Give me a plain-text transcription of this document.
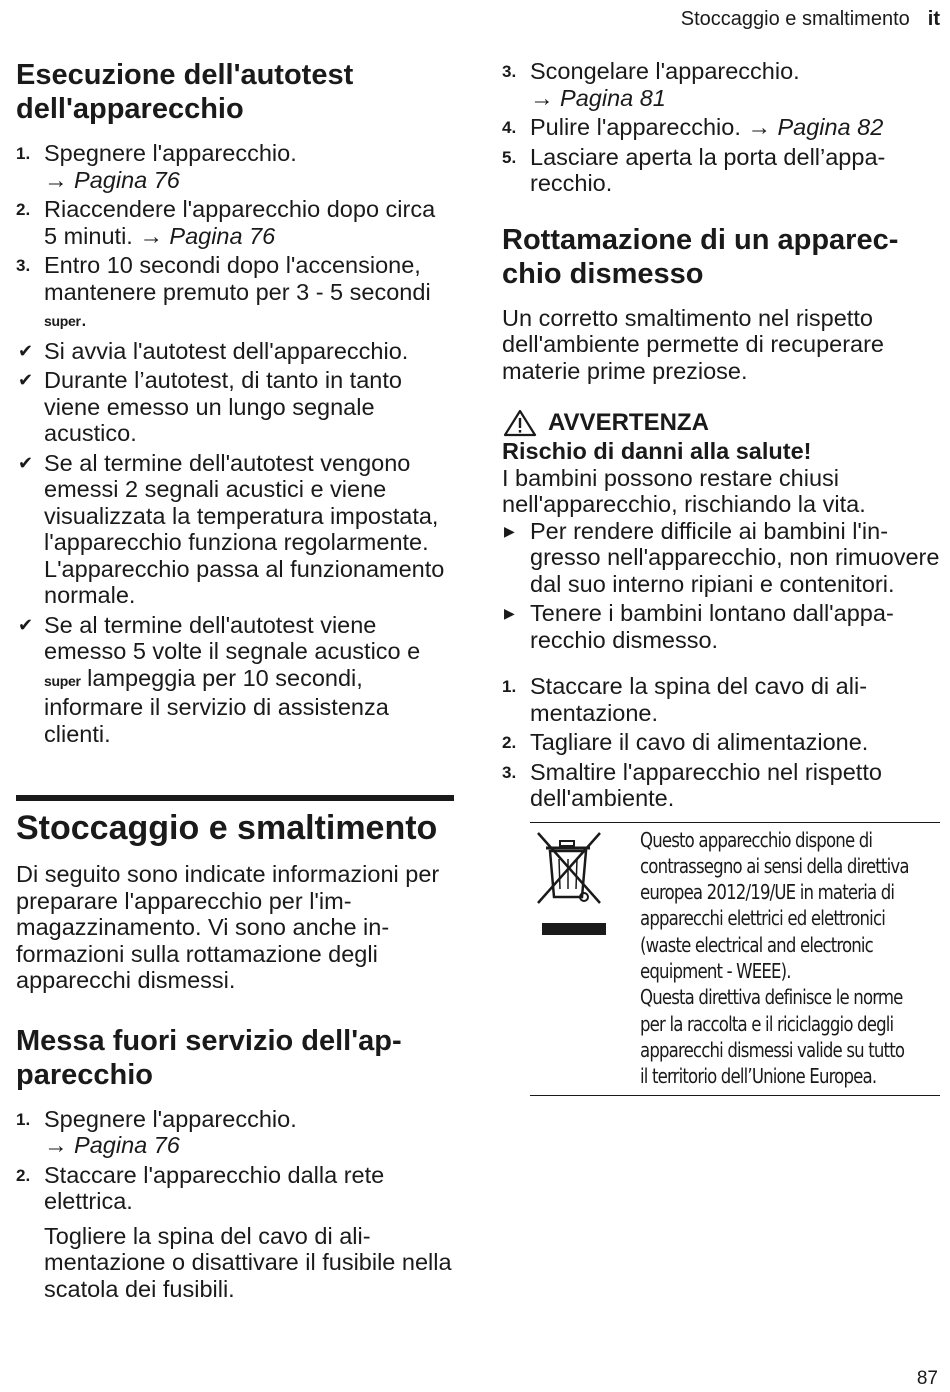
Stoccaggio e smaltimento it
Esecuzione dell'autotest dell'apparecchio
1. Spegnere l'apparecchio.
→ Pagina 76
2. Riaccendere l'apparecchio dopo circa 5 minuti. → Pagina 76
3. Entro 10 secondi dopo l'accensione, mantenere premuto per 3 - 5 secondi super.
✔ Si avvia l'autotest dell'apparecchio.
✔ Durante l’autotest, di tanto in tanto viene emesso un lungo segnale acustico.
✔ Se al termine dell'autotest vengono emessi 2 segnali acustici e viene visualizzata la temperatura impostata, l'apparecchio funziona regolarmente. L'apparecchio passa al funzionamento normale.
✔ Se al termine dell'autotest viene emesso 5 volte il segnale acustico e super lampeggia per 10 secondi, informare il servizio di assistenza clienti.
Stoccaggio e smaltimento

Di seguito sono indicate informazioni per preparare l'apparecchio per l'immagazzinamento. Vi sono anche informazioni sulla rottamazione degli apparecchi dismessi.

Messa fuori servizio dell'apparecchio
1. Spegnere l'apparecchio.
→ Pagina 76
2. Staccare l'apparecchio dalla rete elettrica.

Togliere la spina del cavo di alimentazione o disattivare il fusibile nella scatola dei fusibili.

3. Scongelare l'apparecchio.
→ Pagina 81
4. Pulire l'apparecchio. → Pagina 82
5. Lasciare aperta la porta dell’apparecchio.
Rottamazione di un apparecchio dismesso

Un corretto smaltimento nel rispetto dell'ambiente permette di recuperare materie prime preziose.

AVVERTENZA
Rischio di danni alla salute!

I bambini possono restare chiusi nell'apparecchio, rischiando la vita.

▶ Per rendere difficile ai bambini l'ingresso nell'apparecchio, non rimuovere dal suo interno ripiani e contenitori.
▶ Tenere i bambini lontano dall'apparecchio dismesso.
1. Staccare la spina del cavo di alimentazione.
2. Tagliare il cavo di alimentazione.
3. Smaltire l'apparecchio nel rispetto dell'ambiente.

Questo apparecchio dispone di contrassegno ai sensi della direttiva europea 2012/19/UE in materia di apparecchi elettrici ed elettronici (waste electrical and electronic equipment - WEEE).

Questa direttiva definisce le norme per la raccolta e il riciclaggio degli apparecchi dismessi valide su tutto il territorio dell’Unione Europea.

87
